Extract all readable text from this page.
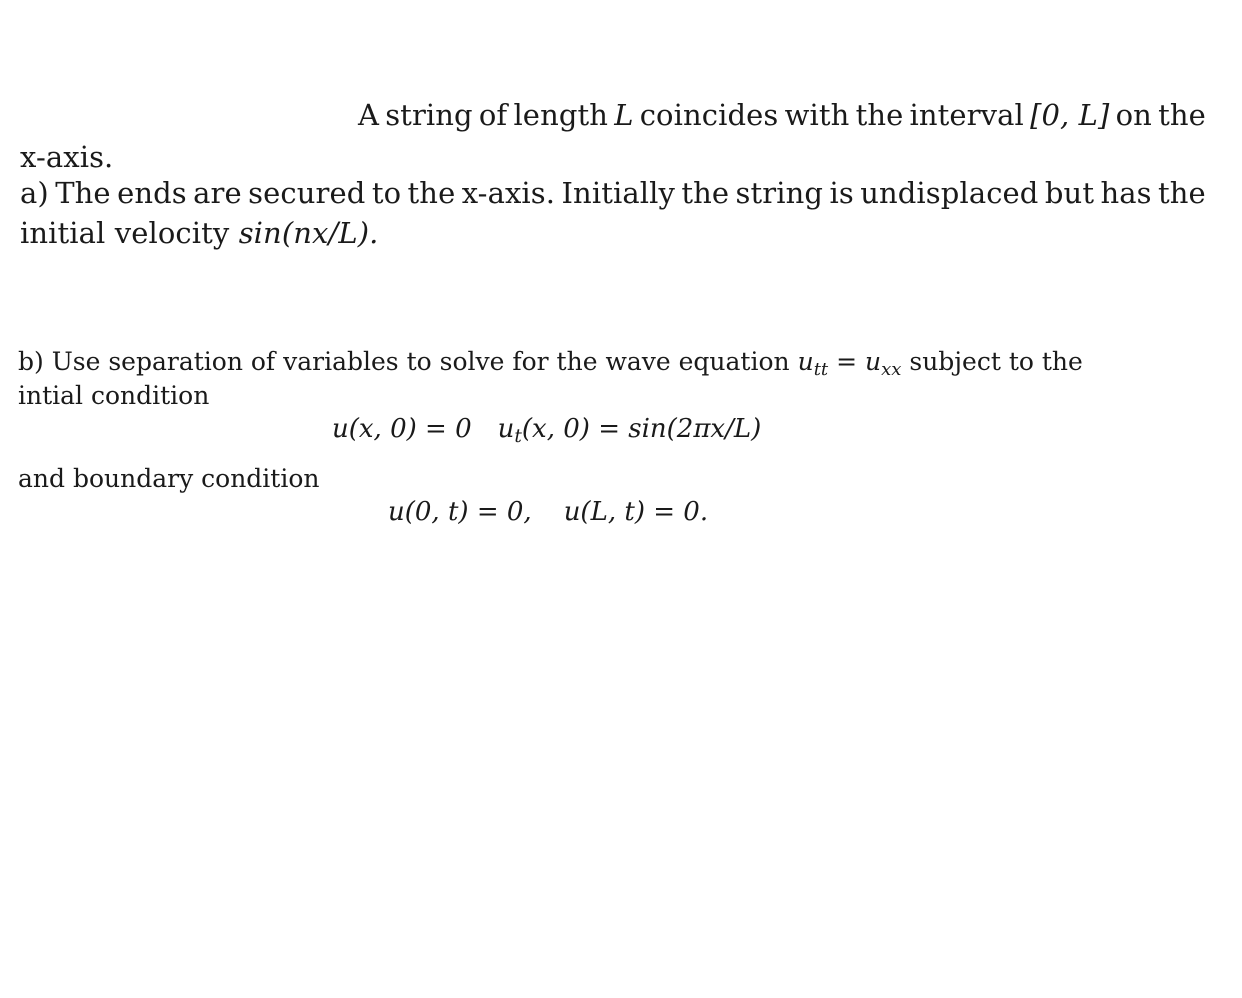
A string of length L coincides with the interval [0, L] on the
x-axis.
a) The ends are secured to the x-axis. Initially the string is undisplaced but has the
initial velocity sin(nx/L).
b) Use separation of variables to solve for the wave equation $u_{tt} = u_{xx}$ subject to the
intial condition
u(x, 0) = 0 $u_t(x$, 0) = sin(2πx/L)
and boundary condition
u(0, t) = 0, u(L, t) = 0.
